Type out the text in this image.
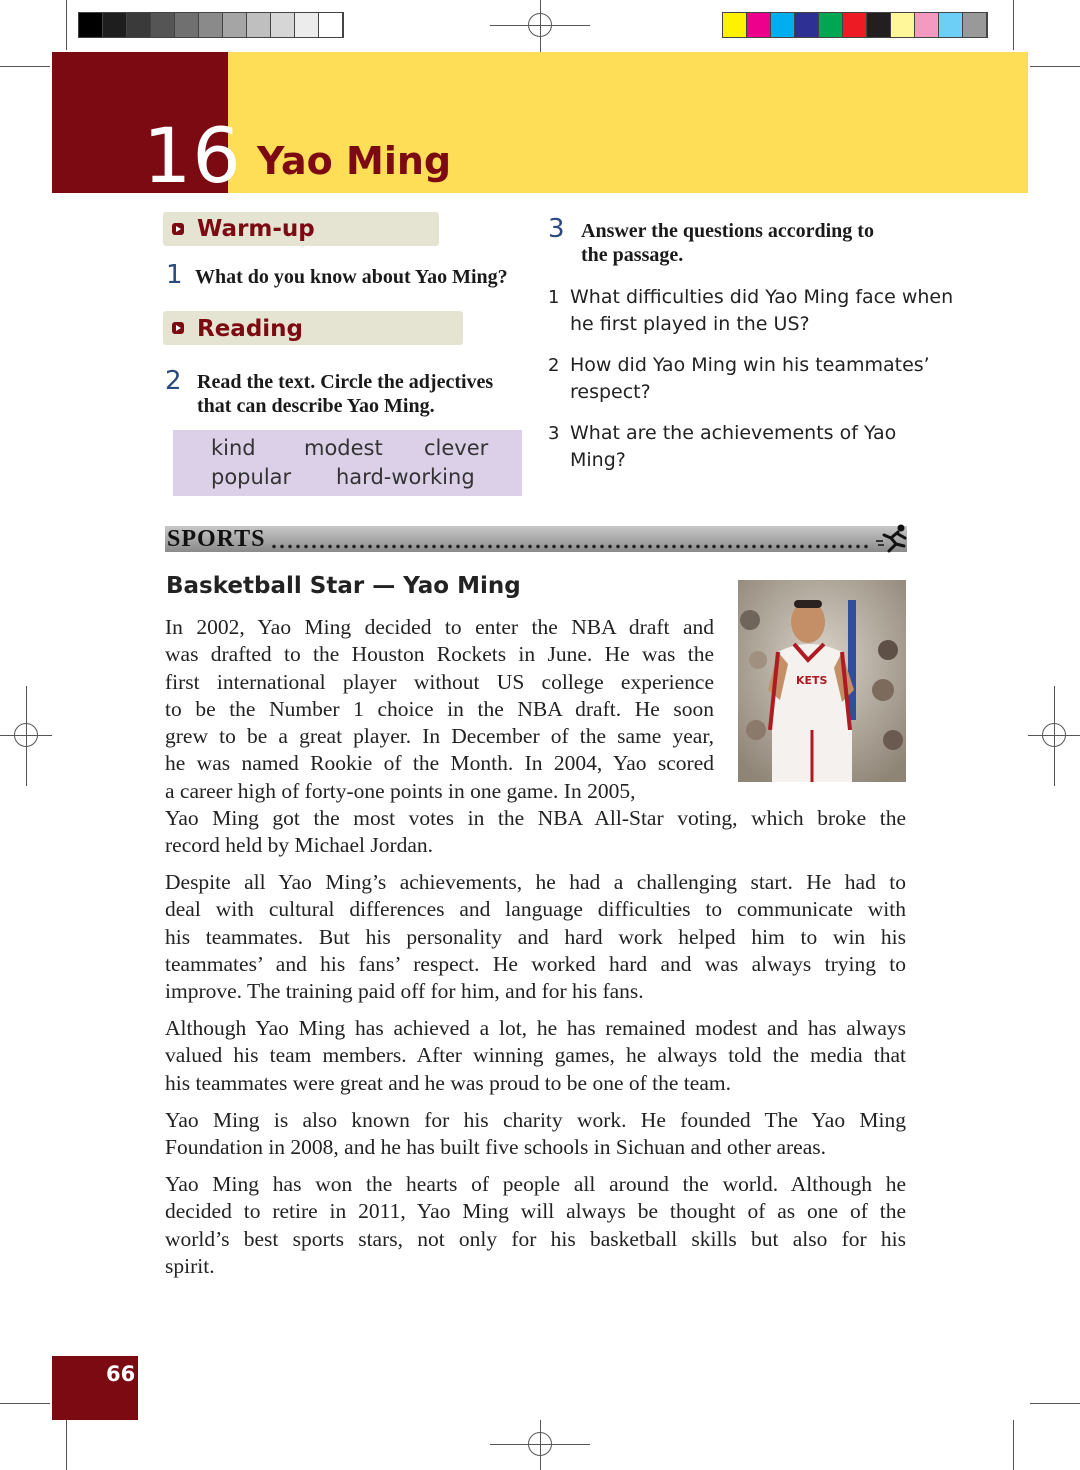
16 Yao Ming
Warm-up
1 What do you know about Yao Ming?
Reading
2 Read the text. Circle the adjectives
that can describe Yao Ming.
kind modest clever
popular hard-working
3 Answer the questions according to
the passage.
1 What difficulties did Yao Ming face when
he first played in the US?
2 How did Yao Ming win his teammates’
respect?
3 What are the achievements of Yao
Ming?
SPORTS
Basketball Star — Yao Ming
KETS
In 2002, Yao Ming decided to enter the NBA draft and
was drafted to the Houston Rockets in June. He was the
first international player without US college experience
to be the Number 1 choice in the NBA draft. He soon
grew to be a great player. In December of the same year,
he was named Rookie of the Month. In 2004, Yao scored
a career high of forty-one points in one game. In 2005,
Yao Ming got the most votes in the NBA All-Star voting, which broke the
record held by Michael Jordan.
Despite all Yao Ming’s achievements, he had a challenging start. He had to
deal with cultural differences and language difficulties to communicate with
his teammates. But his personality and hard work helped him to win his
teammates’ and his fans’ respect. He worked hard and was always trying to
improve. The training paid off for him, and for his fans.
Although Yao Ming has achieved a lot, he has remained modest and has always
valued his team members. After winning games, he always told the media that
his teammates were great and he was proud to be one of the team.
Yao Ming is also known for his charity work. He founded The Yao Ming
Foundation in 2008, and he has built five schools in Sichuan and other areas.
Yao Ming has won the hearts of people all around the world. Although he
decided to retire in 2011, Yao Ming will always be thought of as one of the
world’s best sports stars, not only for his basketball skills but also for his
spirit.
66
